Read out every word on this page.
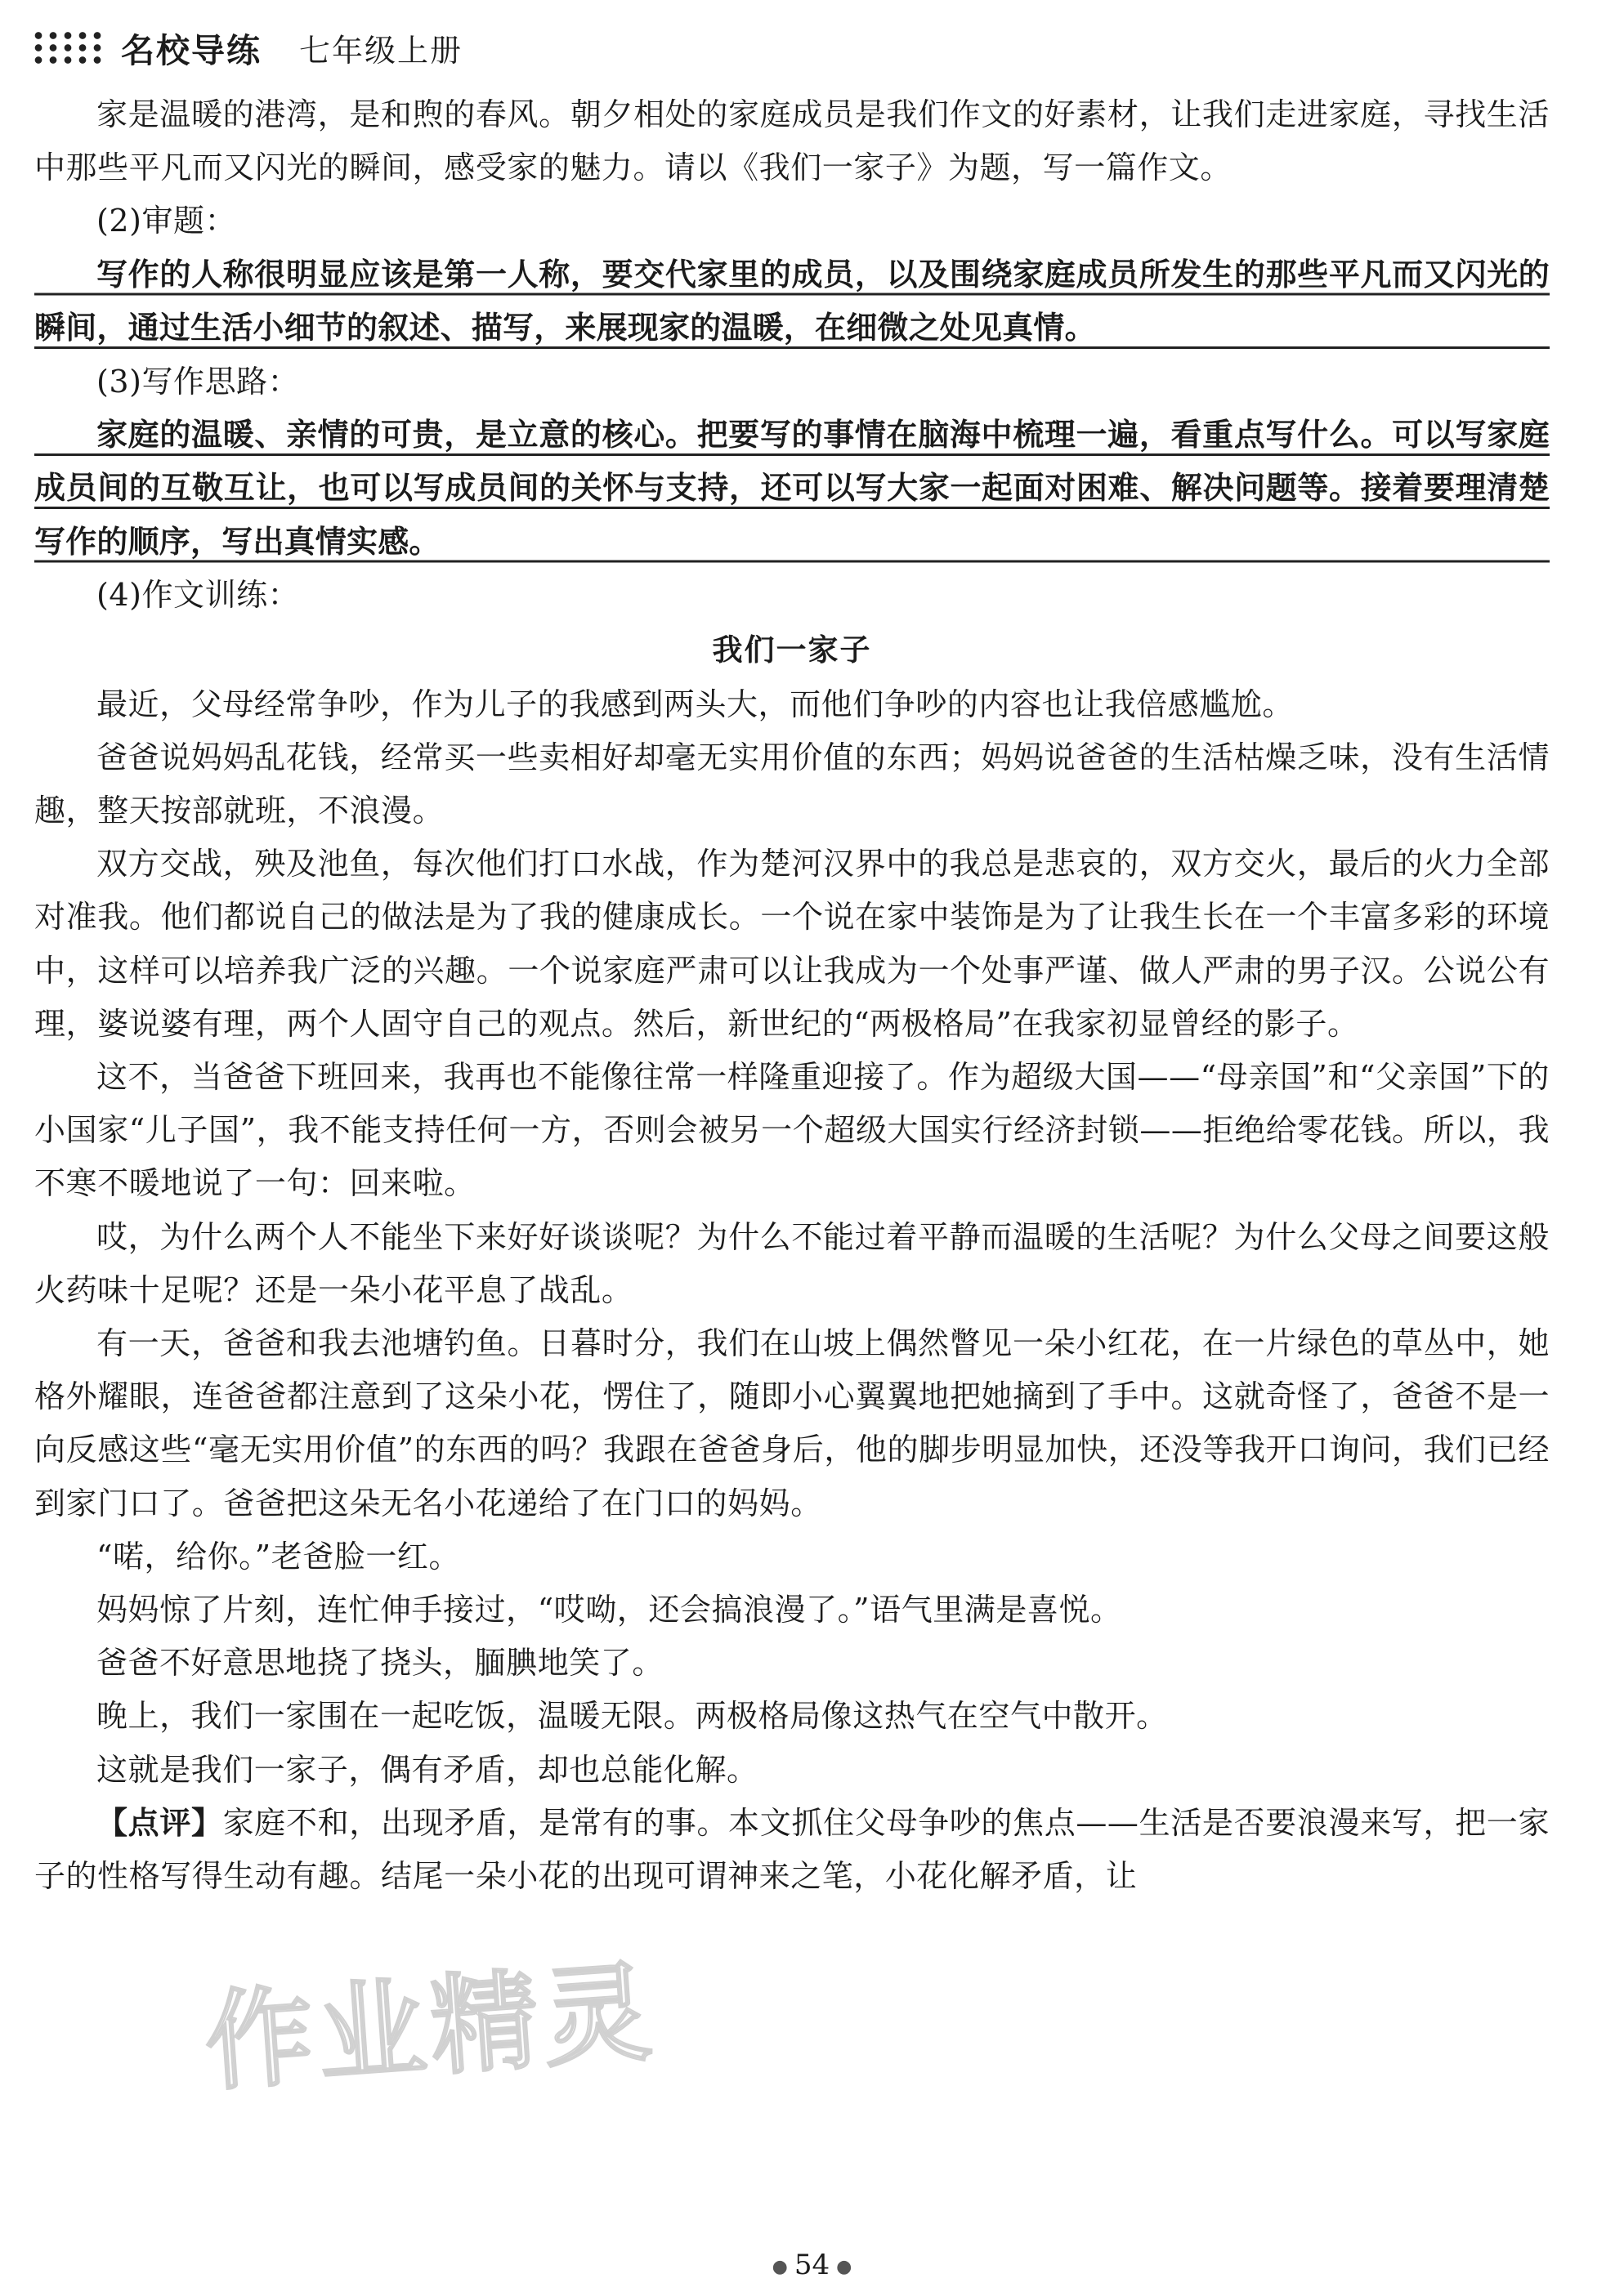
名校导练 七年级上册

家是温暖的港湾，是和煦的春风。朝夕相处的家庭成员是我们作文的好素材，让我们走进家庭，寻找生活中那些平凡而又闪光的瞬间，感受家的魅力。请以《我们一家子》为题，写一篇作文。

(2)审题：

写作的人称很明显应该是第一人称，要交代家里的成员，以及围绕家庭成员所发生的那些平凡而又闪光的瞬间，通过生活小细节的叙述、描写，来展现家的温暖，在细微之处见真情。

(3)写作思路：

家庭的温暖、亲情的可贵，是立意的核心。把要写的事情在脑海中梳理一遍，看重点写什么。可以写家庭成员间的互敬互让，也可以写成员间的关怀与支持，还可以写大家一起面对困难、解决问题等。接着要理清楚写作的顺序，写出真情实感。

(4)作文训练：

我们一家子

最近，父母经常争吵，作为儿子的我感到两头大，而他们争吵的内容也让我倍感尴尬。

爸爸说妈妈乱花钱，经常买一些卖相好却毫无实用价值的东西；妈妈说爸爸的生活枯燥乏味，没有生活情趣，整天按部就班，不浪漫。

双方交战，殃及池鱼，每次他们打口水战，作为楚河汉界中的我总是悲哀的，双方交火，最后的火力全部对准我。他们都说自己的做法是为了我的健康成长。一个说在家中装饰是为了让我生长在一个丰富多彩的环境中，这样可以培养我广泛的兴趣。一个说家庭严肃可以让我成为一个处事严谨、做人严肃的男子汉。公说公有理，婆说婆有理，两个人固守自己的观点。然后，新世纪的“两极格局”在我家初显曾经的影子。

这不，当爸爸下班回来，我再也不能像往常一样隆重迎接了。作为超级大国——“母亲国”和“父亲国”下的小国家“儿子国”，我不能支持任何一方，否则会被另一个超级大国实行经济封锁——拒绝给零花钱。所以，我不寒不暖地说了一句：回来啦。

哎，为什么两个人不能坐下来好好谈谈呢？为什么不能过着平静而温暖的生活呢？为什么父母之间要这般火药味十足呢？还是一朵小花平息了战乱。

有一天，爸爸和我去池塘钓鱼。日暮时分，我们在山坡上偶然瞥见一朵小红花，在一片绿色的草丛中，她格外耀眼，连爸爸都注意到了这朵小花，愣住了，随即小心翼翼地把她摘到了手中。这就奇怪了，爸爸不是一向反感这些“毫无实用价值”的东西的吗？我跟在爸爸身后，他的脚步明显加快，还没等我开口询问，我们已经到家门口了。爸爸把这朵无名小花递给了在门口的妈妈。

“喏，给你。”老爸脸一红。

妈妈惊了片刻，连忙伸手接过，“哎呦，还会搞浪漫了。”语气里满是喜悦。

爸爸不好意思地挠了挠头，腼腆地笑了。

晚上，我们一家围在一起吃饭，温暖无限。两极格局像这热气在空气中散开。

这就是我们一家子，偶有矛盾，却也总能化解。

【点评】家庭不和，出现矛盾，是常有的事。本文抓住父母争吵的焦点——生活是否要浪漫来写，把一家子的性格写得生动有趣。结尾一朵小花的出现可谓神来之笔，小花化解矛盾，让

作业精灵
● 54 ●
